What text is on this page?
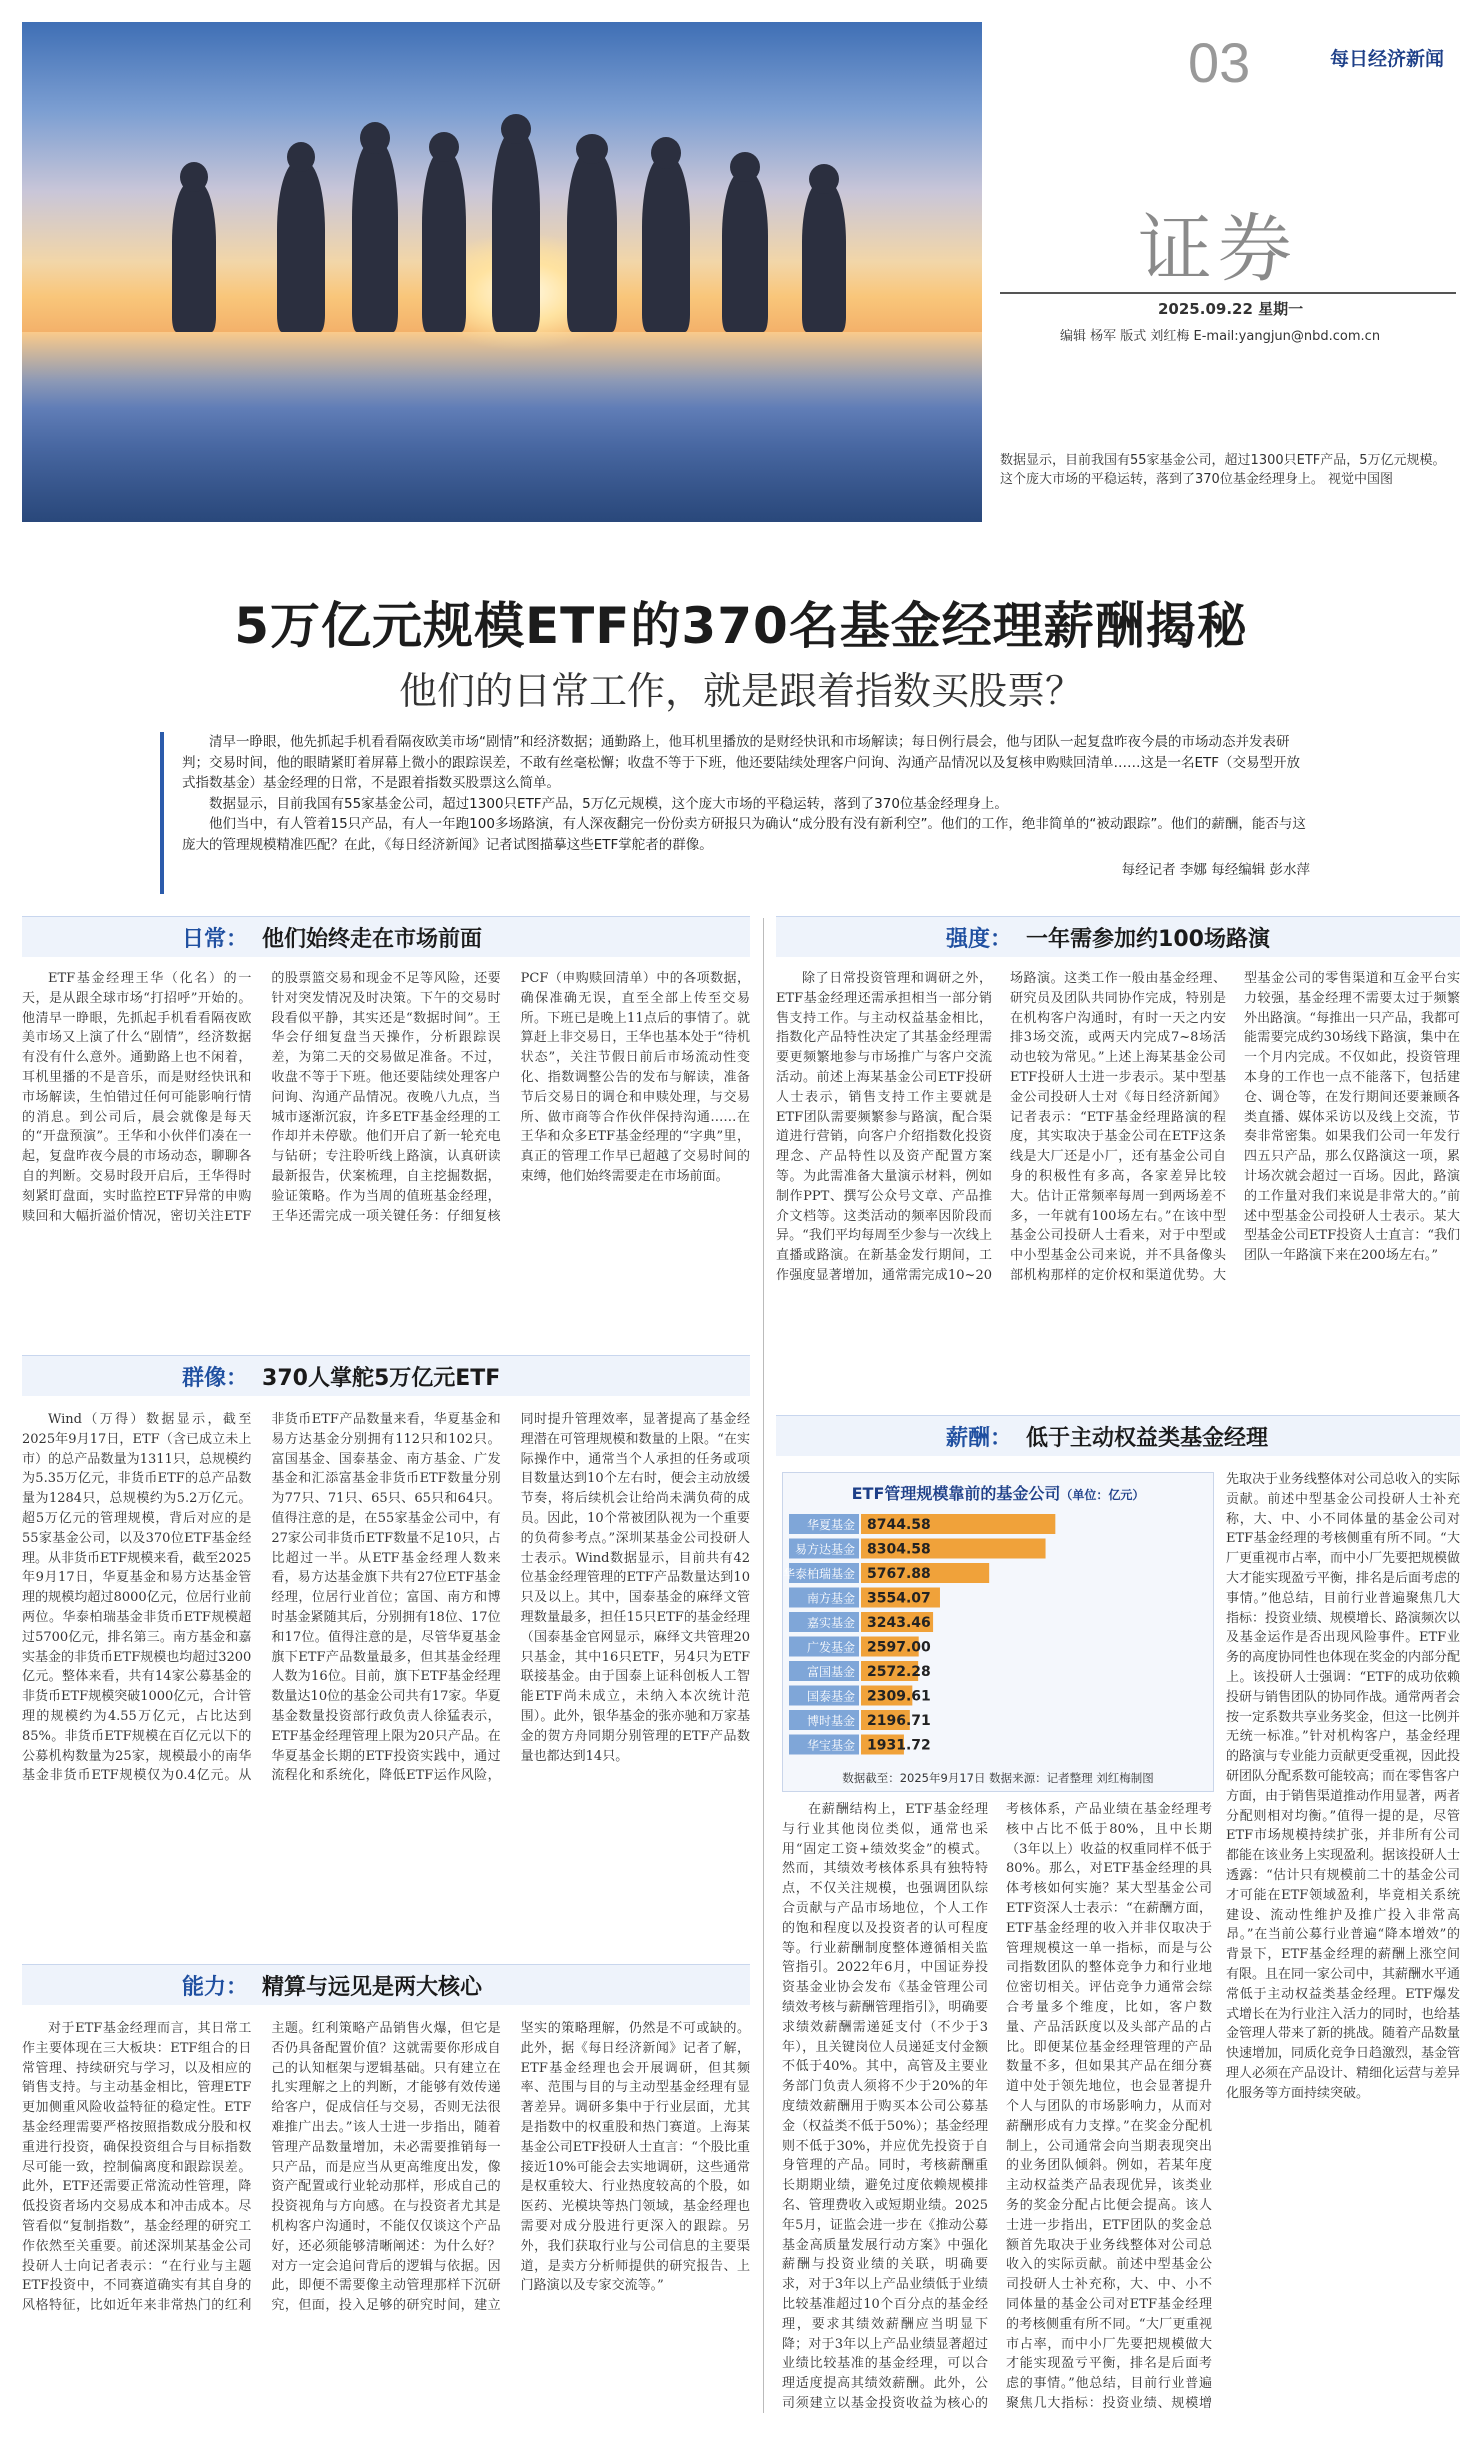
03	每日经济新闻
证券
2025.09.22 星期一
编辑 杨军 版式 刘红梅 E-mail:yangjun@nbd.com.cn
数据显示，目前我国有55家基金公司，超过1300只ETF产品，5万亿元规模。这个庞大市场的平稳运转，落到了370位基金经理身上。 视觉中国图
5万亿元规模ETF的370名基金经理薪酬揭秘
他们的日常工作，就是跟着指数买股票？

清早一睁眼，他先抓起手机看看隔夜欧美市场“剧情”和经济数据；通勤路上，他耳机里播放的是财经快讯和市场解读；每日例行晨会，他与团队一起复盘昨夜今晨的市场动态并发表研判；交易时间，他的眼睛紧盯着屏幕上微小的跟踪误差，不敢有丝毫松懈；收盘不等于下班，他还要陆续处理客户问询、沟通产品情况以及复核申购赎回清单……这是一名ETF（交易型开放式指数基金）基金经理的日常，不是跟着指数买股票这么简单。

数据显示，目前我国有55家基金公司，超过1300只ETF产品，5万亿元规模，这个庞大市场的平稳运转，落到了370位基金经理身上。

他们当中，有人管着15只产品，有人一年跑100多场路演，有人深夜翻完一份份卖方研报只为确认“成分股有没有新利空”。他们的工作，绝非简单的“被动跟踪”。他们的薪酬，能否与这庞大的管理规模精准匹配？在此，《每日经济新闻》记者试图描摹这些ETF掌舵者的群像。

每经记者 李娜 每经编辑 彭水萍
日常： 他们始终走在市场前面

ETF基金经理王华（化名）的一天，是从跟全球市场“打招呼”开始的。他清早一睁眼，先抓起手机看看隔夜欧美市场又上演了什么“剧情”，经济数据有没有什么意外。通勤路上也不闲着，耳机里播的不是音乐，而是财经快讯和市场解读，生怕错过任何可能影响行情的消息。到公司后，晨会就像是每天的“开盘预演”。王华和小伙伴们凑在一起，复盘昨夜今晨的市场动态，聊聊各自的判断。交易时段开启后，王华得时刻紧盯盘面，实时监控ETF异常的申购赎回和大幅折溢价情况，密切关注ETF的股票篮交易和现金不足等风险，还要针对突发情况及时决策。下午的交易时段看似平静，其实还是“数据时间”。王华会仔细复盘当天操作，分析跟踪误差，为第二天的交易做足准备。不过，收盘不等于下班。他还要陆续处理客户问询、沟通产品情况。夜晚八九点，当城市逐渐沉寂，许多ETF基金经理的工作却并未停歇。他们开启了新一轮充电与钻研；专注聆听线上路演，认真研读最新报告，伏案梳理，自主挖掘数据，验证策略。作为当周的值班基金经理，王华还需完成一项关键任务：仔细复核PCF（申购赎回清单）中的各项数据，确保准确无误，直至全部上传至交易所。下班已是晚上11点后的事情了。就算赶上非交易日，王华也基本处于“待机状态”，关注节假日前后市场流动性变化、指数调整公告的发布与解读，准备节后交易日的调仓和申赎处理，与交易所、做市商等合作伙伴保持沟通……在王华和众多ETF基金经理的“字典”里，真正的管理工作早已超越了交易时间的束缚，他们始终需要走在市场前面。

群像： 370人掌舵5万亿元ETF

Wind（万得）数据显示，截至2025年9月17日，ETF（含已成立未上市）的总产品数量为1311只，总规模约为5.35万亿元，非货币ETF的总产品数量为1284只，总规模约为5.2万亿元。超5万亿元的管理规模，背后对应的是55家基金公司，以及370位ETF基金经理。从非货币ETF规模来看，截至2025年9月17日，华夏基金和易方达基金管理的规模均超过8000亿元，位居行业前两位。华泰柏瑞基金非货币ETF规模超过5700亿元，排名第三。南方基金和嘉实基金的非货币ETF规模也均超过3200亿元。整体来看，共有14家公募基金的非货币ETF规模突破1000亿元，合计管理的规模约为4.55万亿元，占比达到85%。非货币ETF规模在百亿元以下的公募机构数量为25家，规模最小的南华基金非货币ETF规模仅为0.4亿元。从非货币ETF产品数量来看，华夏基金和易方达基金分别拥有112只和102只。富国基金、国泰基金、南方基金、广发基金和汇添富基金非货币ETF数量分别为77只、71只、65只、65只和64只。值得注意的是，在55家基金公司中，有27家公司非货币ETF数量不足10只，占比超过一半。从ETF基金经理人数来看，易方达基金旗下共有27位ETF基金经理，位居行业首位；富国、南方和博时基金紧随其后，分别拥有18位、17位和17位。值得注意的是，尽管华夏基金旗下ETF产品数量最多，但其基金经理人数为16位。目前，旗下ETF基金经理数量达10位的基金公司共有17家。华夏基金数量投资部行政负责人徐猛表示，ETF基金经理管理上限为20只产品。在华夏基金长期的ETF投资实践中，通过流程化和系统化，降低ETF运作风险，同时提升管理效率，显著提高了基金经理潜在可管理规模和数量的上限。“在实际操作中，通常当个人承担的任务或项目数量达到10个左右时，便会主动放缓节奏，将后续机会让给尚未满负荷的成员。因此，10个常被团队视为一个重要的负荷参考点。”深圳某基金公司投研人士表示。Wind数据显示，目前共有42位基金经理管理的ETF产品数量达到10只及以上。其中，国泰基金的麻绎文管理数量最多，担任15只ETF的基金经理（国泰基金官网显示，麻绎文共管理20只基金，其中16只ETF，另4只为ETF联接基金。由于国泰上证科创板人工智能ETF尚未成立，未纳入本次统计范围）。此外，银华基金的张亦驰和万家基金的贺方舟同期分别管理的ETF产品数量也都达到14只。

能力： 精算与远见是两大核心

对于ETF基金经理而言，其日常工作主要体现在三大板块：ETF组合的日常管理、持续研究与学习，以及相应的销售支持。与主动基金相比，管理ETF更加侧重风险收益特征的稳定性。ETF基金经理需要严格按照指数成分股和权重进行投资，确保投资组合与目标指数尽可能一致，控制偏离度和跟踪误差。此外，ETF还需要正常流动性管理，降低投资者场内交易成本和冲击成本。尽管看似“复制指数”，基金经理的研究工作依然至关重要。前述深圳某基金公司投研人士向记者表示：“在行业与主题ETF投资中，不同赛道确实有其自身的风格特征，比如近年来非常热门的红利主题。红利策略产品销售火爆，但它是否仍具备配置价值？这就需要你形成自己的认知框架与逻辑基础。只有建立在扎实理解之上的判断，才能够有效传递给客户，促成信任与交易，否则无法很难推广出去。”该人士进一步指出，随着管理产品数量增加，未必需要推销每一只产品，而是应当从更高维度出发，像资产配置或行业轮动那样，形成自己的投资视角与方向感。在与投资者尤其是机构客户沟通时，不能仅仅谈这个产品好，还必须能够清晰阐述：为什么好？对方一定会追问背后的逻辑与依据。因此，即便不需要像主动管理那样下沉研究，但面，投入足够的研究时间，建立坚实的策略理解，仍然是不可或缺的。此外，据《每日经济新闻》记者了解，ETF基金经理也会开展调研，但其频率、范围与目的与主动型基金经理有显著差异。调研多集中于行业层面，尤其是指数中的权重股和热门赛道。上海某基金公司ETF投研人士直言：“个股比重接近10%可能会去实地调研，这些通常是权重较大、行业热度较高的个股，如医药、光模块等热门领域，基金经理也需要对成分股进行更深入的跟踪。另外，我们获取行业与公司信息的主要渠道，是卖方分析师提供的研究报告、上门路演以及专家交流等。”

强度： 一年需参加约100场路演

除了日常投资管理和调研之外，ETF基金经理还需承担相当一部分销售支持工作。与主动权益基金相比，指数化产品特性决定了其基金经理需要更频繁地参与市场推广与客户交流活动。前述上海某基金公司ETF投研人士表示，销售支持工作主要就是ETF团队需要频繁参与路演，配合渠道进行营销，向客户介绍指数化投资理念、产品特性以及资产配置方案等。为此需准备大量演示材料，例如制作PPT、撰写公众号文章、产品推介文档等。这类活动的频率因阶段而异。“我们平均每周至少参与一次线上直播或路演。在新基金发行期间，工作强度显著增加，通常需完成10~20场路演。这类工作一般由基金经理、研究员及团队共同协作完成，特别是在机构客户沟通时，有时一天之内安排3场交流，或两天内完成7~8场活动也较为常见。”上述上海某基金公司ETF投研人士进一步表示。某中型基金公司投研人士对《每日经济新闻》记者表示：“ETF基金经理路演的程度，其实取决于基金公司在ETF这条线是大厂还是小厂，还有基金公司自身的积极性有多高，各家差异比较大。估计正常频率每周一到两场差不多，一年就有100场左右。”在该中型基金公司投研人士看来，对于中型或中小型基金公司来说，并不具备像头部机构那样的定价权和渠道优势。大型基金公司的零售渠道和互金平台实力较强，基金经理不需要太过于频繁外出路演。“每推出一只产品，我都可能需要完成约30场线下路演，集中在一个月内完成。不仅如此，投资管理本身的工作也一点不能落下，包括建仓、调仓等，在发行期间还要兼顾各类直播、媒体采访以及线上交流，节奏非常密集。如果我们公司一年发行四五只产品，那么仅路演这一项，累计场次就会超过一百场。因此，路演的工作量对我们来说是非常大的。”前述中型基金公司投研人士表示。某大型基金公司ETF投资人士直言：“我们团队一年路演下来在200场左右。”

薪酬： 低于主动权益类基金经理
ETF管理规模靠前的基金公司（单位：亿元）
华夏基金 8744.58
易方达基金 8304.58
华泰柏瑞基金 5767.88
南方基金 3554.07
嘉实基金 3243.46
广发基金 2597.00
富国基金 2572.28
国泰基金 2309.61
博时基金 2196.71
华宝基金 1931.72
数据截至：2025年9月17日 数据来源：记者整理 刘红梅制图

先取决于业务线整体对公司总收入的实际贡献。前述中型基金公司投研人士补充称，大、中、小不同体量的基金公司对ETF基金经理的考核侧重有所不同。“大厂更重视市占率，而中小厂先要把规模做大才能实现盈亏平衡，排名是后面考虑的事情。”他总结，目前行业普遍聚焦几大指标：投资业绩、规模增长、路演频次以及基金运作是否出现风险事件。ETF业务的高度协同性也体现在奖金的内部分配上。该投研人士强调：“ETF的成功依赖投研与销售团队的协同作战。通常两者会按一定系数共享业务奖金，但这一比例并无统一标准。”针对机构客户，基金经理的路演与专业能力贡献更受重视，因此投研团队分配系数可能较高；而在零售客户方面，由于销售渠道推动作用显著，两者分配则相对均衡。”值得一提的是，尽管ETF市场规模持续扩张，并非所有公司都能在该业务上实现盈利。据该投研人士透露：“估计只有规模前二十的基金公司才可能在ETF领域盈利，毕竟相关系统建设、流动性维护及推广投入非常高昂。”在当前公募行业普遍“降本增效”的背景下，ETF基金经理的薪酬上涨空间有限。且在同一家公司中，其薪酬水平通常低于主动权益类基金经理。ETF爆发式增长在为行业注入活力的同时，也给基金管理人带来了新的挑战。随着产品数量快速增加，同质化竞争日趋激烈，基金管理人必须在产品设计、精细化运营与差异化服务等方面持续突破。

在薪酬结构上，ETF基金经理与行业其他岗位类似，通常也采用“固定工资+绩效奖金”的模式。然而，其绩效考核体系具有独特特点，不仅关注规模，也强调团队综合贡献与产品市场地位，个人工作的饱和程度以及投资者的认可程度等。行业薪酬制度整体遵循相关监管指引。2022年6月，中国证券投资基金业协会发布《基金管理公司绩效考核与薪酬管理指引》，明确要求绩效薪酬需递延支付（不少于3年），且关键岗位人员递延支付金额不低于40%。其中，高管及主要业务部门负责人须将不少于20%的年度绩效薪酬用于购买本公司公募基金（权益类不低于50%）；基金经理则不低于30%，并应优先投资于自身管理的产品。同时，考核薪酬重长期期业绩，避免过度依赖规模排名、管理费收入或短期业绩。2025年5月，证监会进一步在《推动公募基金高质量发展行动方案》中强化薪酬与投资业绩的关联，明确要求，对于3年以上产品业绩低于业绩比较基准超过10个百分点的基金经理，要求其绩效薪酬应当明显下降；对于3年以上产品业绩显著超过业绩比较基准的基金经理，可以合理适度提高其绩效薪酬。此外，公司须建立以基金投资收益为核心的考核体系，产品业绩在基金经理考核中占比不低于80%，且中长期（3年以上）收益的权重同样不低于80%。那么，对ETF基金经理的具体考核如何实施？某大型基金公司ETF资深人士表示：“在薪酬方面，ETF基金经理的收入并非仅取决于管理规模这一单一指标，而是与公司指数团队的整体竞争力和行业地位密切相关。评估竞争力通常会综合考量多个维度，比如，客户数量、产品活跃度以及头部产品的占比。即便某位基金经理管理的产品数量不多，但如果其产品在细分赛道中处于领先地位，也会显著提升个人与团队的市场影响力，从而对薪酬形成有力支撑。”在奖金分配机制上，公司通常会向当期表现突出的业务团队倾斜。例如，若某年度主动权益类产品表现优异，该类业务的奖金分配占比便会提高。该人士进一步指出，ETF团队的奖金总额首先取决于业务线整体对公司总收入的实际贡献。前述中型基金公司投研人士补充称，大、中、小不同体量的基金公司对ETF基金经理的考核侧重有所不同。“大厂更重视市占率，而中小厂先要把规模做大才能实现盈亏平衡，排名是后面考虑的事情。”他总结，目前行业普遍聚焦几大指标：投资业绩、规模增
